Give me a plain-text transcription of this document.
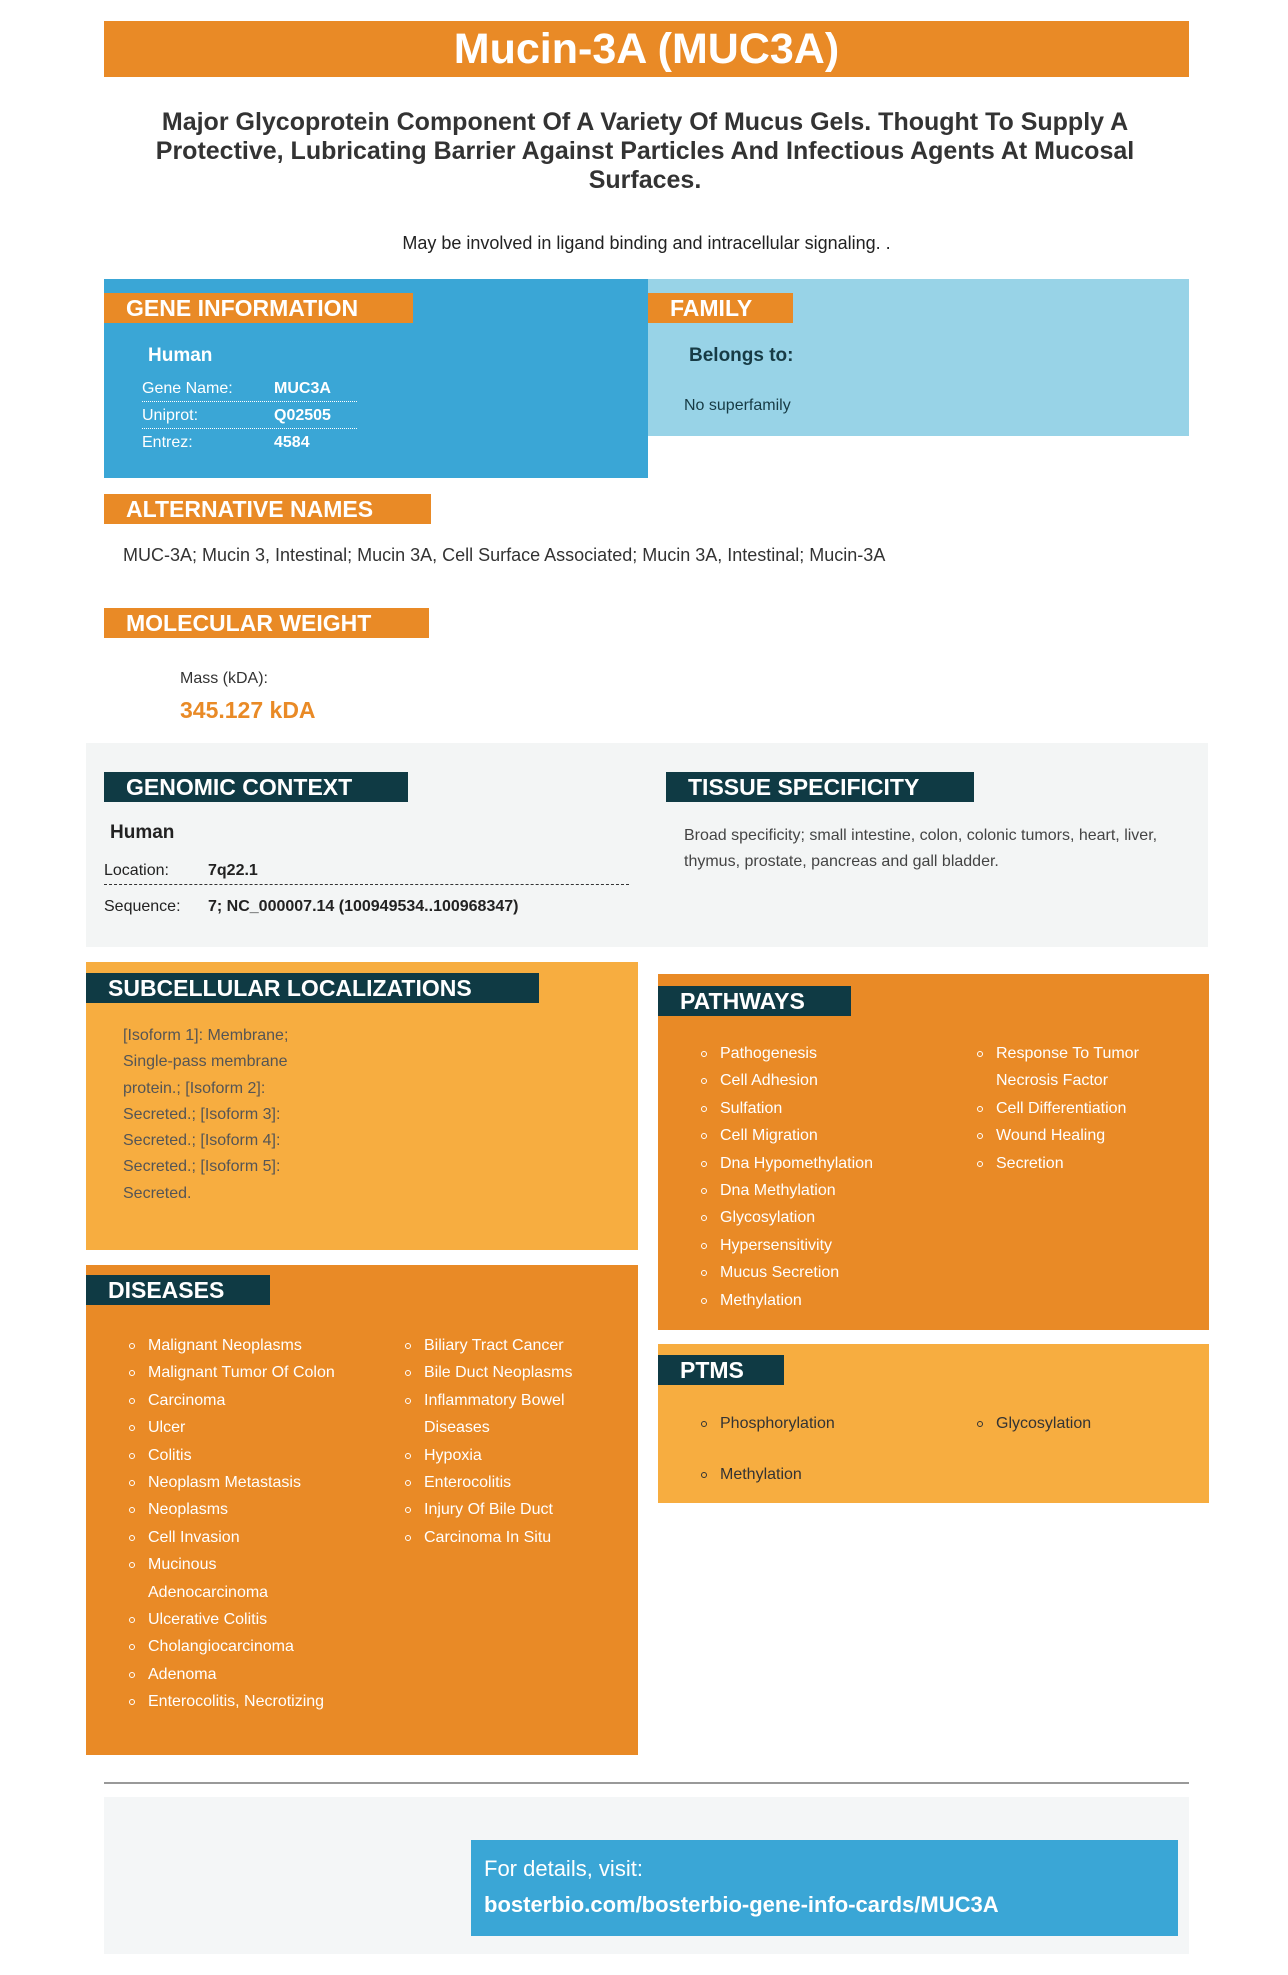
Mucin-3A (MUC3A)
Major Glycoprotein Component Of A Variety Of Mucus Gels. Thought To Supply A Protective, Lubricating Barrier Against Particles And Infectious Agents At Mucosal Surfaces.
May be involved in ligand binding and intracellular signaling. .
GENE INFORMATION	FAMILY
Human
Gene Name:	MUC3A
Uniprot:	Q02505
Entrez:	4584
Belongs to:
No superfamily
ALTERNATIVE NAMES
MUC-3A; Mucin 3, Intestinal; Mucin 3A, Cell Surface Associated; Mucin 3A, Intestinal; Mucin-3A
MOLECULAR WEIGHT
Mass (kDA):
345.127 kDA
GENOMIC CONTEXT	TISSUE SPECIFICITY
Human
Location: 7q22.1
Sequence: 7; NC_000007.14 (100949534..100968347)
Broad specificity; small intestine, colon, colonic tumors, heart, liver, thymus, prostate, pancreas and gall bladder.
SUBCELLULAR LOCALIZATIONS
[Isoform 1]: Membrane;
Single-pass membrane
protein.; [Isoform 2]:
Secreted.; [Isoform 3]:
Secreted.; [Isoform 4]:
Secreted.; [Isoform 5]:
Secreted.
DISEASES
Malignant Neoplasms
Malignant Tumor Of Colon
Carcinoma
Ulcer
Colitis
Neoplasm Metastasis
Neoplasms
Cell Invasion
Mucinous Adenocarcinoma
Ulcerative Colitis
Cholangiocarcinoma
Adenoma
Enterocolitis, Necrotizing
Biliary Tract Cancer
Bile Duct Neoplasms
Inflammatory Bowel Diseases
Hypoxia
Enterocolitis
Injury Of Bile Duct
Carcinoma In Situ
PATHWAYS
Pathogenesis
Cell Adhesion
Sulfation
Cell Migration
Dna Hypomethylation
Dna Methylation
Glycosylation
Hypersensitivity
Mucus Secretion
Methylation
Response To Tumor Necrosis Factor
Cell Differentiation
Wound Healing
Secretion
PTMS
Phosphorylation
Methylation
Glycosylation
For details, visit:
bosterbio.com/bosterbio-gene-info-cards/MUC3A
